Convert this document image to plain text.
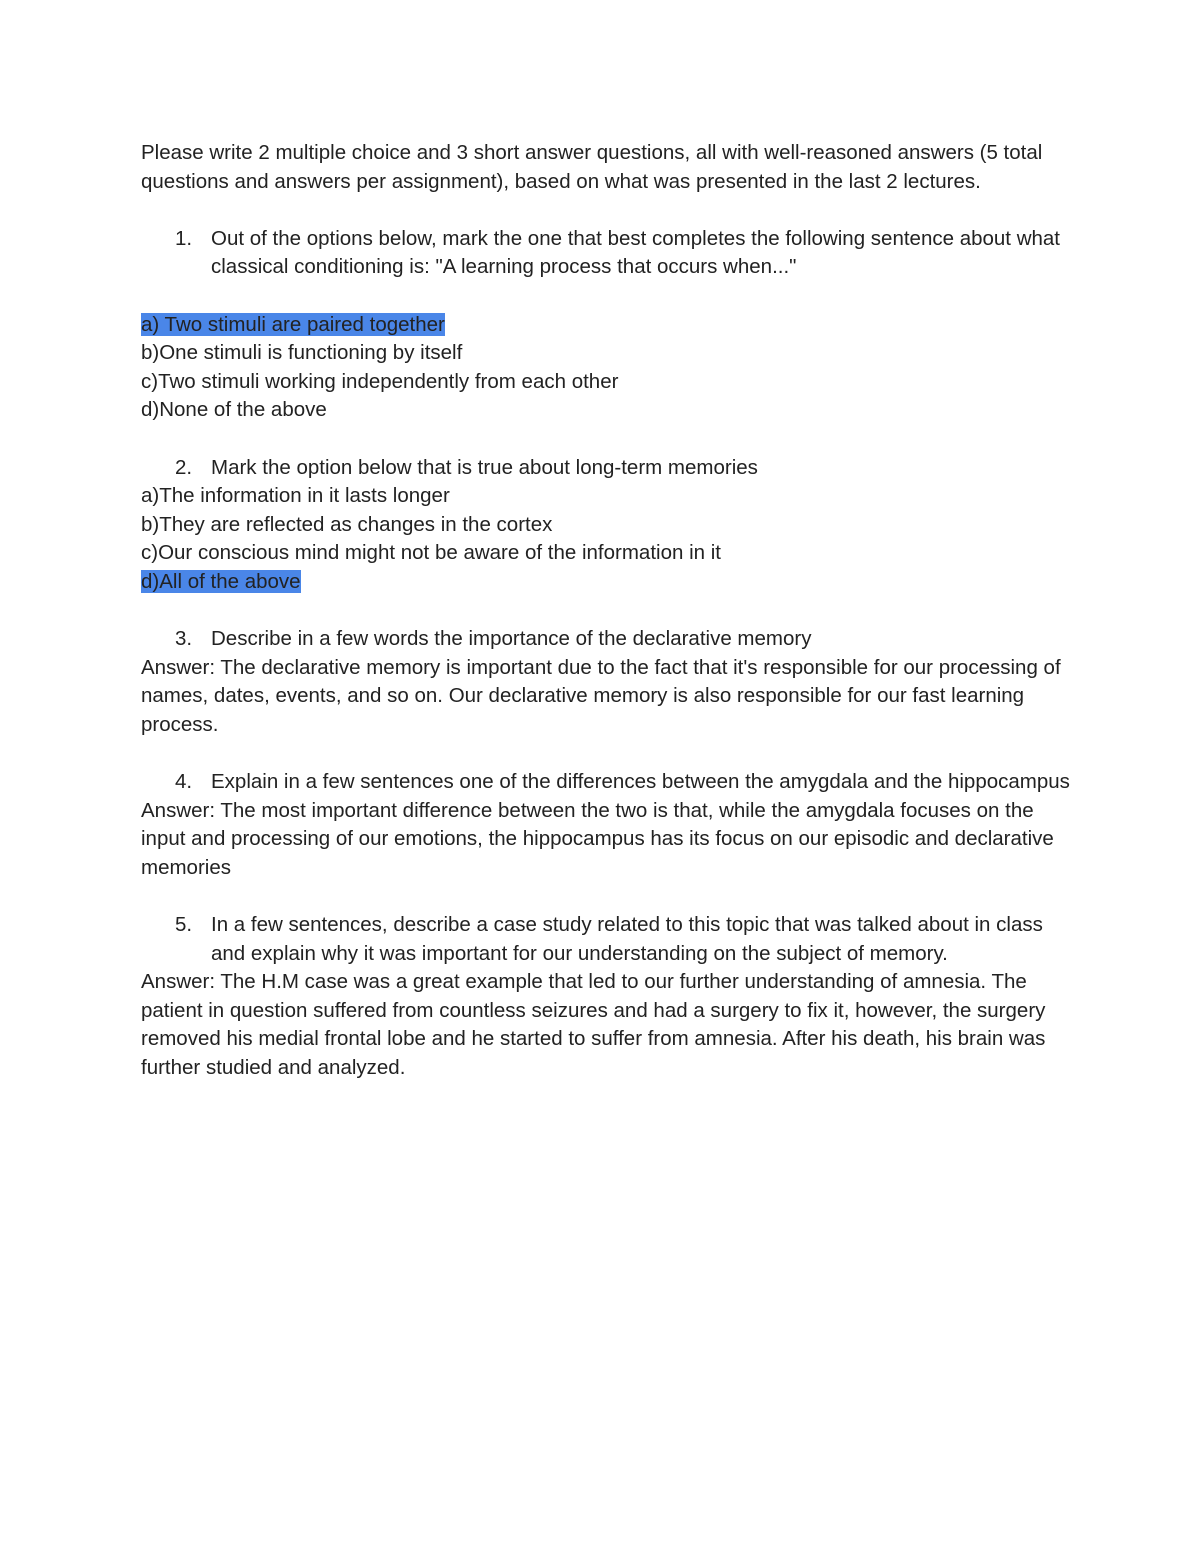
Please write 2 multiple choice and 3 short answer questions, all with well-reasoned answers (5 total questions and answers per assignment), based on what was presented in the last 2 lectures.

1. Out of the options below, mark the one that best completes the following sentence about what classical conditioning is: "A learning process that occurs when..."

a) Two stimuli are paired together

b)One stimuli is functioning by itself

c)Two stimuli working independently from each other

d)None of the above

2. Mark the option below that is true about long-term memories

a)The information in it lasts longer

b)They are reflected as changes in the cortex

c)Our conscious mind might not be aware of the information in it

d)All of the above

3. Describe in a few words the importance of the declarative memory

Answer: The declarative memory is important due to the fact that it's responsible for our processing of names, dates, events, and so on. Our declarative memory is also responsible for our fast learning process.

4. Explain in a few sentences one of the differences between the amygdala and the hippocampus

Answer: The most important difference between the two is that, while the amygdala focuses on the input and processing of our emotions, the hippocampus has its focus on our episodic and declarative memories

5. In a few sentences, describe a case study related to this topic that was talked about in class and explain why it was important for our understanding on the subject of memory.

Answer: The H.M case was a great example that led to our further understanding of amnesia. The patient in question suffered from countless seizures and had a surgery to fix it, however, the surgery removed his medial frontal lobe and he started to suffer from amnesia. After his death, his brain was further studied and analyzed.
